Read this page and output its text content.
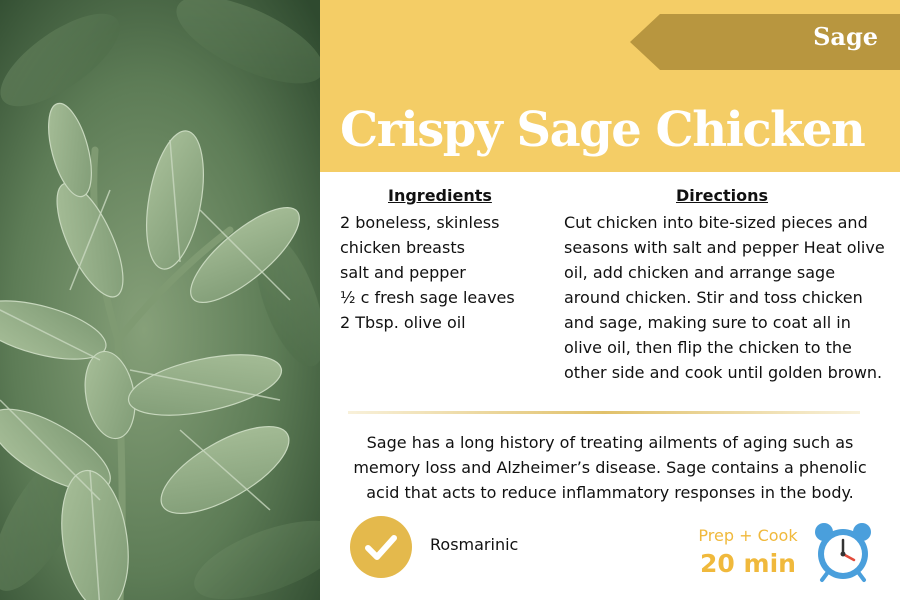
Sage
Crispy Sage Chicken
Ingredients
2 boneless, skinless
chicken breasts
salt and pepper
½ c fresh sage leaves
2 Tbsp. olive oil
Directions

Cut chicken into bite-sized pieces and seasons with salt and pepper Heat olive oil, add chicken and arrange sage around chicken. Stir and toss chicken and sage, making sure to coat all in olive oil, then flip the chicken to the other side and cook until golden brown.

Sage has a long history of treating ailments of aging such as memory loss and Alzheimer’s disease. Sage contains a phenolic acid that acts to reduce inflammatory responses in the body.

Rosmarinic	Prep + Cook
20 min
